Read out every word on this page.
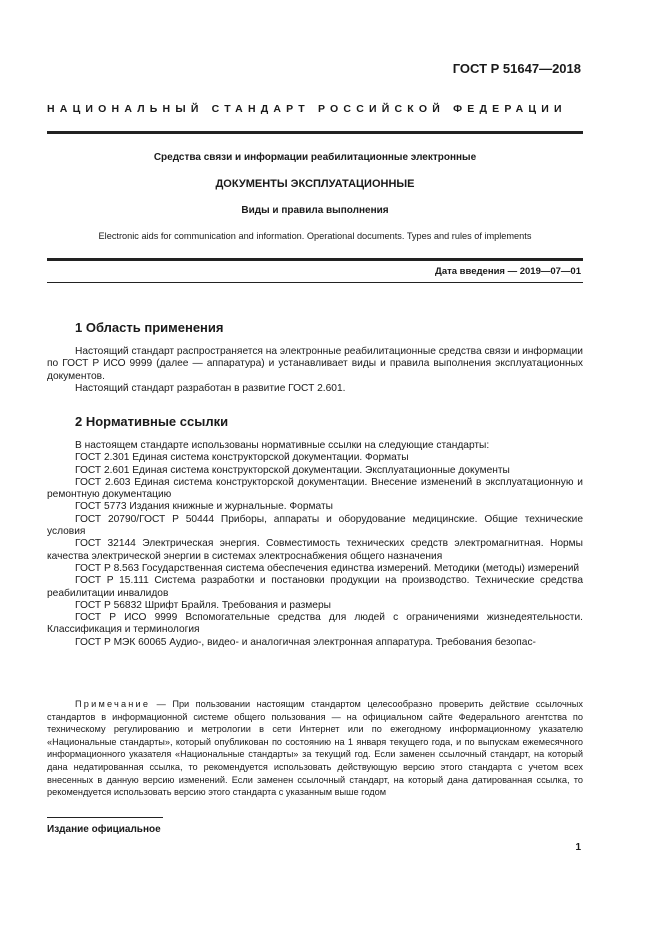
ГОСТ Р 51647—2018
НАЦИОНАЛЬНЫЙ СТАНДАРТ РОССИЙСКОЙ ФЕДЕРАЦИИ
Средства связи и информации реабилитационные электронные
ДОКУМЕНТЫ ЭКСПЛУАТАЦИОННЫЕ
Виды и правила выполнения
Electronic aids for communication and information. Operational documents. Types and rules of implements
Дата введения — 2019—07—01
1 Область применения

Настоящий стандарт распространяется на электронные реабилитационные средства связи и информации по ГОСТ Р ИСО 9999 (далее — аппаратура) и устанавливает виды и правила выполнения эксплуатационных документов.

Настоящий стандарт разработан в развитие ГОСТ 2.601.

2 Нормативные ссылки

В настоящем стандарте использованы нормативные ссылки на следующие стандарты:

ГОСТ 2.301 Единая система конструкторской документации. Форматы

ГОСТ 2.601 Единая система конструкторской документации. Эксплуатационные документы

ГОСТ 2.603 Единая система конструкторской документации. Внесение изменений в эксплуатационную и ремонтную документацию

ГОСТ 5773 Издания книжные и журнальные. Форматы

ГОСТ 20790/ГОСТ Р 50444 Приборы, аппараты и оборудование медицинские. Общие технические условия

ГОСТ 32144 Электрическая энергия. Совместимость технических средств электромагнитная. Нормы качества электрической энергии в системах электроснабжения общего назначения

ГОСТ Р 8.563 Государственная система обеспечения единства измерений. Методики (методы) измерений

ГОСТ Р 15.111 Система разработки и постановки продукции на производство. Технические средства реабилитации инвалидов

ГОСТ Р 56832 Шрифт Брайля. Требования и размеры

ГОСТ Р ИСО 9999 Вспомогательные средства для людей с ограничениями жизнедеятельности. Классификация и терминология

ГОСТ Р МЭК 60065 Аудио-, видео- и аналогичная электронная аппаратура. Требования безопас-

Примечание — При пользовании настоящим стандартом целесообразно проверить действие ссылочных стандартов в информационной системе общего пользования — на официальном сайте Федерального агентства по техническому регулированию и метрологии в сети Интернет или по ежегодному информационному указателю «Национальные стандарты», который опубликован по состоянию на 1 января текущего года, и по выпускам ежемесячного информационного указателя «Национальные стандарты» за текущий год. Если заменен ссылочный стандарт, на который дана недатированная ссылка, то рекомендуется использовать действующую версию этого стандарта с учетом всех внесенных в данную версию изменений. Если заменен ссылочный стандарт, на который дана датированная ссылка, то рекомендуется использовать версию этого стандарта с указанным выше годом
Издание официальное
1
